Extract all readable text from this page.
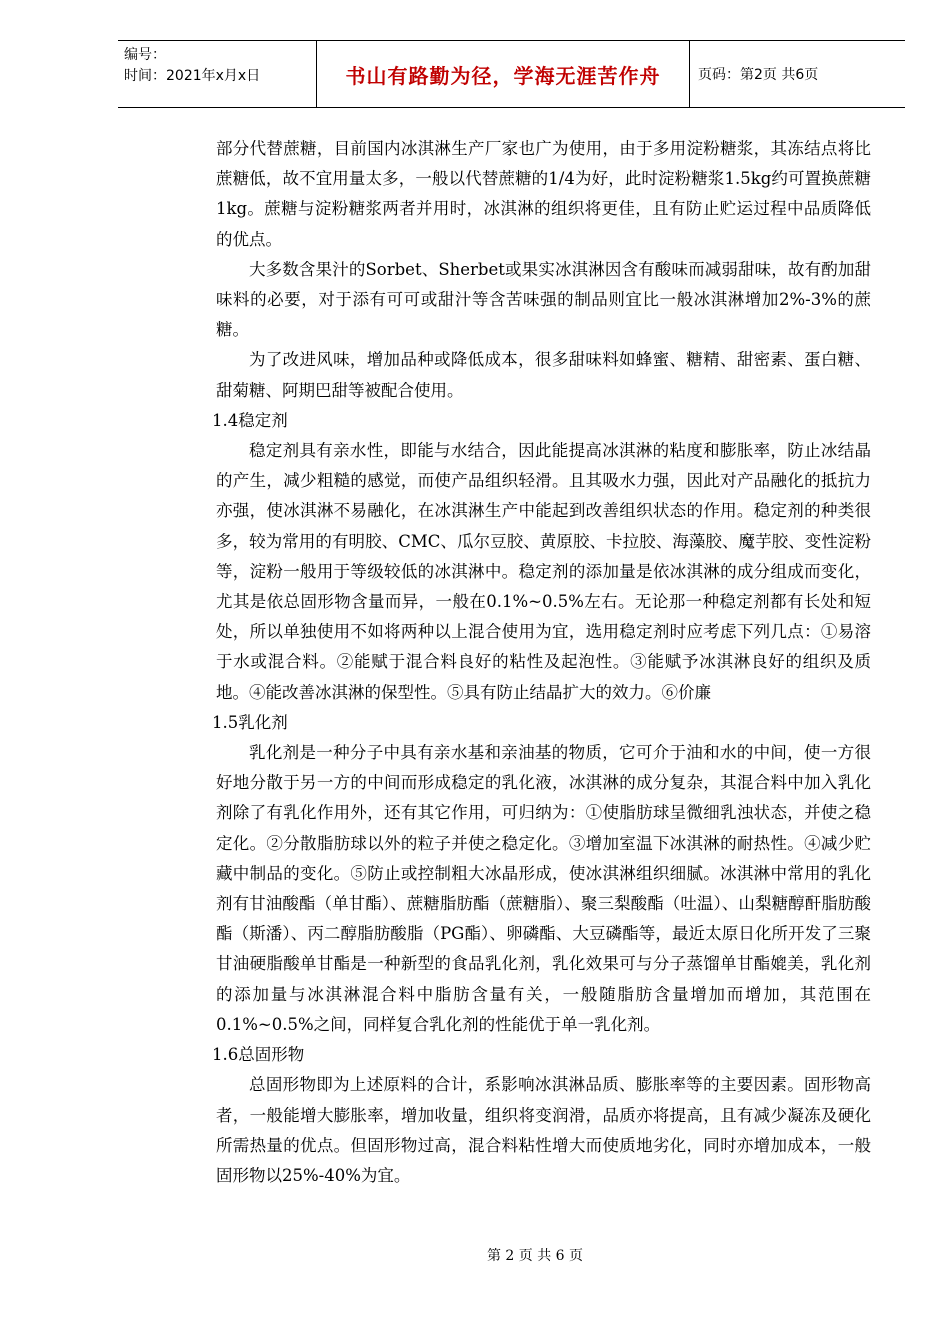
编号：
时间：2021年x月x日	书山有路勤为径，学海无涯苦作舟	页码：第2页 共6页

部分代替蔗糖，目前国内冰淇淋生产厂家也广为使用，由于多用淀粉糖浆，其冻结点将比蔗糖低，故不宜用量太多，一般以代替蔗糖的1/4为好，此时淀粉糖浆1.5kg约可置换蔗糖1kg。蔗糖与淀粉糖浆两者并用时，冰淇淋的组织将更佳，且有防止贮运过程中品质降低的优点。

大多数含果汁的Sorbet、Sherbet或果实冰淇淋因含有酸味而减弱甜味，故有酌加甜味料的必要，对于添有可可或甜汁等含苦味强的制品则宜比一般冰淇淋增加2%-3%的蔗糖。

为了改进风味，增加品种或降低成本，很多甜味料如蜂蜜、糖精、甜密素、蛋白糖、甜菊糖、阿期巴甜等被配合使用。

1.4稳定剂

稳定剂具有亲水性，即能与水结合，因此能提高冰淇淋的粘度和膨胀率，防止冰结晶的产生，减少粗糙的感觉，而使产品组织轻滑。且其吸水力强，因此对产品融化的抵抗力亦强，使冰淇淋不易融化，在冰淇淋生产中能起到改善组织状态的作用。稳定剂的种类很多，较为常用的有明胶、CMC、瓜尔豆胶、黄原胶、卡拉胶、海藻胶、魔芋胶、变性淀粉等，淀粉一般用于等级较低的冰淇淋中。稳定剂的添加量是依冰淇淋的成分组成而变化，尤其是依总固形物含量而异，一般在0.1%~0.5%左右。无论那一种稳定剂都有长处和短处，所以单独使用不如将两种以上混合使用为宜，选用稳定剂时应考虑下列几点：①易溶于水或混合料。②能赋于混合料良好的粘性及起泡性。③能赋予冰淇淋良好的组织及质地。④能改善冰淇淋的保型性。⑤具有防止结晶扩大的效力。⑥价廉

1.5乳化剂

乳化剂是一种分子中具有亲水基和亲油基的物质，它可介于油和水的中间，使一方很好地分散于另一方的中间而形成稳定的乳化液，冰淇淋的成分复杂，其混合料中加入乳化剂除了有乳化作用外，还有其它作用，可归纳为：①使脂肪球呈微细乳浊状态，并使之稳定化。②分散脂肪球以外的粒子并使之稳定化。③增加室温下冰淇淋的耐热性。④减少贮藏中制品的变化。⑤防止或控制粗大冰晶形成，使冰淇淋组织细腻。冰淇淋中常用的乳化剂有甘油酸酯（单甘酯）、蔗糖脂肪酯（蔗糖脂）、聚三梨酸酯（吐温）、山梨糖醇酐脂肪酸酯（斯潘）、丙二醇脂肪酸脂（PG酯）、卵磷酯、大豆磷酯等，最近太原日化所开发了三聚甘油硬脂酸单甘酯是一种新型的食品乳化剂，乳化效果可与分子蒸馏单甘酯媲美，乳化剂的添加量与冰淇淋混合料中脂肪含量有关，一般随脂肪含量增加而增加，其范围在0.1%~0.5%之间，同样复合乳化剂的性能优于单一乳化剂。

1.6总固形物

总固形物即为上述原料的合计，系影响冰淇淋品质、膨胀率等的主要因素。固形物高者，一般能增大膨胀率，增加收量，组织将变润滑，品质亦将提高，且有减少凝冻及硬化所需热量的优点。但固形物过高，混合料粘性增大而使质地劣化，同时亦增加成本，一般固形物以25%-40%为宜。

第 2 页 共 6 页
